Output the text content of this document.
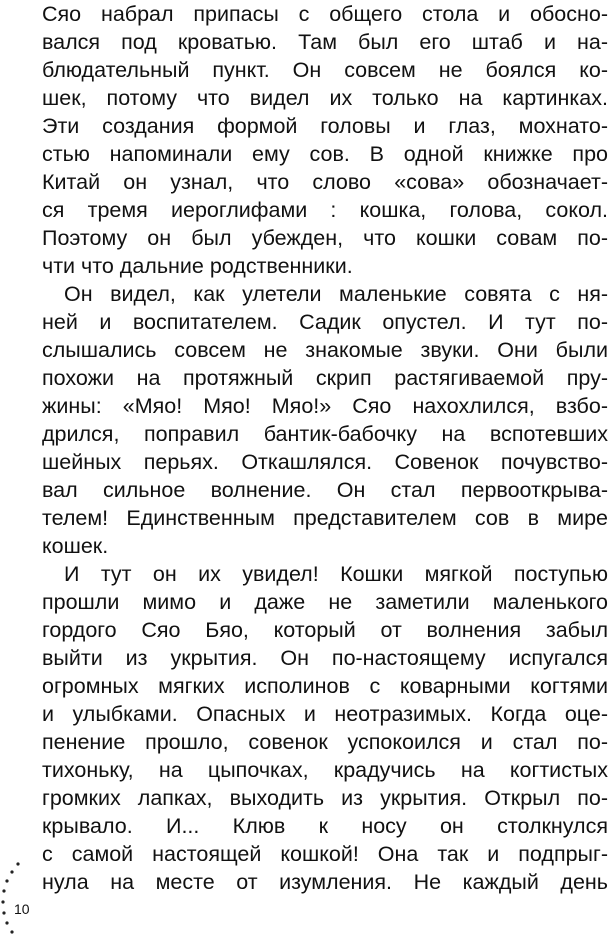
Сяо набрал припасы с общего стола и обосно-
вался под кроватью. Там был его штаб и на-
блюдательный пункт. Он совсем не боялся ко-
шек, потому что видел их только на картинках.
Эти создания формой головы и глаз, мохнато-
стью напоминали ему сов. В одной книжке про
Китай он узнал, что слово «сова» обозначает-
ся тремя иероглифами : кошка, голова, сокол.
Поэтому он был убежден, что кошки совам по-
чти что дальние родственники.
Он видел, как улетели маленькие совята с ня-
ней и воспитателем. Садик опустел. И тут по-
слышались совсем не знакомые звуки. Они были
похожи на протяжный скрип растягиваемой пру-
жины: «Мяо! Мяо! Мяо!» Сяо нахохлился, взбо-
дрился, поправил бантик-бабочку на вспотевших
шейных перьях. Откашлялся. Совенок почувство-
вал сильное волнение. Он стал первооткрыва-
телем! Единственным представителем сов в мире
кошек.
И тут он их увидел! Кошки мягкой поступью
прошли мимо и даже не заметили маленького
гордого Сяо Бяо, который от волнения забыл
выйти из укрытия. Он по-настоящему испугался
огромных мягких исполинов с коварными когтями
и улыбками. Опасных и неотразимых. Когда оце-
пенение прошло, совенок успокоился и стал по-
тихоньку, на цыпочках, крадучись на когтистых
громких лапках, выходить из укрытия. Открыл по-
крывало. И... Клюв к носу он столкнулся
с самой настоящей кошкой! Она так и подпрыг-
нула на месте от изумления. Не каждый день
10
